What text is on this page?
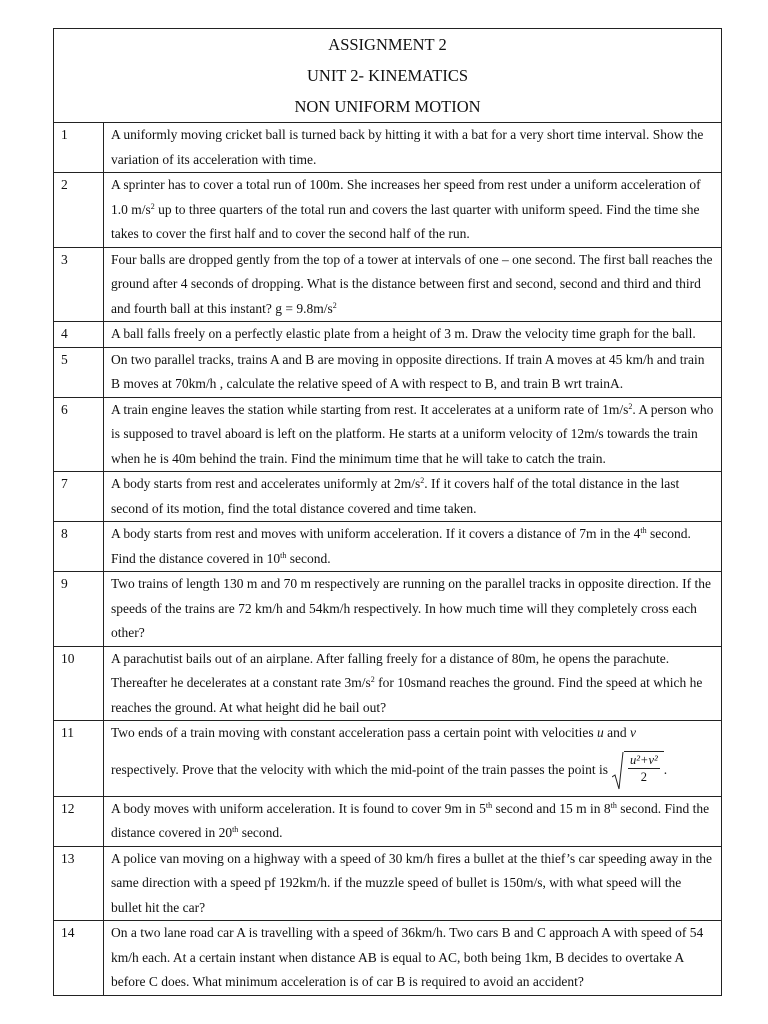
ASSIGNMENT 2
UNIT 2- KINEMATICS
NON UNIFORM MOTION	

1	A uniformly moving cricket ball is turned back by hitting it with a bat for a very short time interval. Show the variation of its acceleration with time.
2	A sprinter has to cover a total run of 100m. She increases her speed from rest under a uniform acceleration of 1.0 $m/s^2$ up to three quarters of the total run and covers the last quarter with uniform speed. Find the time she takes to cover the first half and to cover the second half of the run.
3	Four balls are dropped gently from the top of a tower at intervals of one – one second. The first ball reaches the ground after 4 seconds of dropping. What is the distance between first and second, second and third and third and fourth ball at this instant? $g = 9.8m/s^2$
4	A ball falls freely on a perfectly elastic plate from a height of 3 m. Draw the velocity time graph for the ball.
5	On two parallel tracks, trains A and B are moving in opposite directions. If train A moves at 45 km/h and train B moves at 70km/h , calculate the relative speed of A with respect to B, and train B wrt trainA.
6	A train engine leaves the station while starting from rest. It accelerates at a uniform rate of $1m/s^2$. A person who is supposed to travel aboard is left on the platform. He starts at a uniform velocity of 12m/s towards the train when he is 40m behind the train. Find the minimum time that he will take to catch the train.
7	A body starts from rest and accelerates uniformly at $2m/s^2$. If it covers half of the total distance in the last second of its motion, find the total distance covered and time taken.
8	A body starts from rest and moves with uniform acceleration. If it covers a distance of 7m in the 4th second. Find the distance covered in 10th second.
9	Two trains of length 130 m and 70 m respectively are running on the parallel tracks in opposite direction. If the speeds of the trains are 72 km/h and 54km/h respectively. In how much time will they completely cross each other?
10	A parachutist bails out of an airplane. After falling freely for a distance of 80m, he opens the parachute. Thereafter he decelerates at a constant rate $3m/s^2$ for 10smand reaches the ground. Find the speed at which he reaches the ground. At what height did he bail out?
11	Two ends of a train moving with constant acceleration pass a certain point with velocities u and v
respectively. Prove that the velocity with which the mid-point of the train passes the point is $\frac{\text{u²+v²}}{2}$ .

12	A body moves with uniform acceleration. It is found to cover 9m in 5th second and 15 m in 8th second. Find the distance covered in 20th second.
13	A police van moving on a highway with a speed of 30 km/h fires a bullet at the thief’s car speeding away in the same direction with a speed pf 192km/h. if the muzzle speed of bullet is 150m/s, with what speed will the bullet hit the car?
14	On a two lane road car A is travelling with a speed of 36km/h. Two cars B and C approach A with speed of 54 km/h each. At a certain instant when distance AB is equal to AC, both being 1km, B decides to overtake A before C does. What minimum acceleration is of car B is required to avoid an accident?
